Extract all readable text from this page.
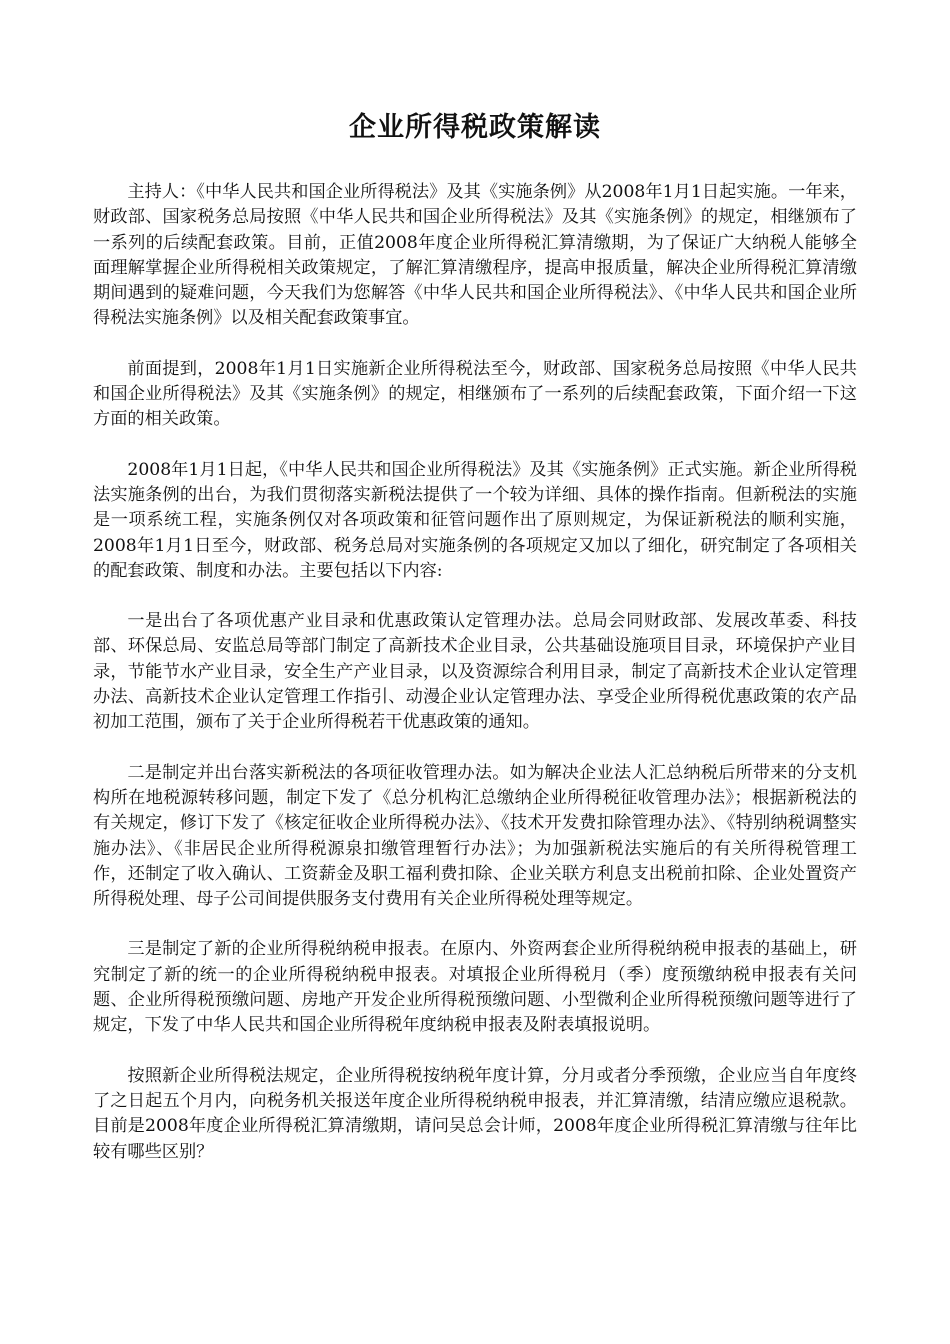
企业所得税政策解读

主持人：《中华人民共和国企业所得税法》及其《实施条例》从2008年1月1日起实施。一年来，财政部、国家税务总局按照《中华人民共和国企业所得税法》及其《实施条例》的规定，相继颁布了一系列的后续配套政策。目前，正值2008年度企业所得税汇算清缴期，为了保证广大纳税人能够全面理解掌握企业所得税相关政策规定，了解汇算清缴程序，提高申报质量，解决企业所得税汇算清缴期间遇到的疑难问题，今天我们为您解答《中华人民共和国企业所得税法》、《中华人民共和国企业所得税法实施条例》以及相关配套政策事宜。

前面提到，2008年1月1日实施新企业所得税法至今，财政部、国家税务总局按照《中华人民共和国企业所得税法》及其《实施条例》的规定，相继颁布了一系列的后续配套政策，下面介绍一下这方面的相关政策。

2008年1月1日起，《中华人民共和国企业所得税法》及其《实施条例》正式实施。新企业所得税法实施条例的出台，为我们贯彻落实新税法提供了一个较为详细、具体的操作指南。但新税法的实施是一项系统工程，实施条例仅对各项政策和征管问题作出了原则规定，为保证新税法的顺利实施，2008年1月1日至今，财政部、税务总局对实施条例的各项规定又加以了细化，研究制定了各项相关的配套政策、制度和办法。主要包括以下内容:

一是出台了各项优惠产业目录和优惠政策认定管理办法。总局会同财政部、发展改革委、科技部、环保总局、安监总局等部门制定了高新技术企业目录，公共基础设施项目目录，环境保护产业目录，节能节水产业目录，安全生产产业目录，以及资源综合利用目录，制定了高新技术企业认定管理办法、高新技术企业认定管理工作指引、动漫企业认定管理办法、享受企业所得税优惠政策的农产品初加工范围，颁布了关于企业所得税若干优惠政策的通知。

二是制定并出台落实新税法的各项征收管理办法。如为解决企业法人汇总纳税后所带来的分支机构所在地税源转移问题，制定下发了《总分机构汇总缴纳企业所得税征收管理办法》；根据新税法的有关规定，修订下发了《核定征收企业所得税办法》、《技术开发费扣除管理办法》、《特别纳税调整实施办法》、《非居民企业所得税源泉扣缴管理暂行办法》；为加强新税法实施后的有关所得税管理工作，还制定了收入确认、工资薪金及职工福利费扣除、企业关联方利息支出税前扣除、企业处置资产所得税处理、母子公司间提供服务支付费用有关企业所得税处理等规定。

三是制定了新的企业所得税纳税申报表。在原内、外资两套企业所得税纳税申报表的基础上，研究制定了新的统一的企业所得税纳税申报表。对填报企业所得税月（季）度预缴纳税申报表有关问题、企业所得税预缴问题、房地产开发企业所得税预缴问题、小型微利企业所得税预缴问题等进行了规定，下发了中华人民共和国企业所得税年度纳税申报表及附表填报说明。

按照新企业所得税法规定，企业所得税按纳税年度计算，分月或者分季预缴，企业应当自年度终了之日起五个月内，向税务机关报送年度企业所得税纳税申报表，并汇算清缴，结清应缴应退税款。目前是2008年度企业所得税汇算清缴期，请问吴总会计师，2008年度企业所得税汇算清缴与往年比较有哪些区别？
